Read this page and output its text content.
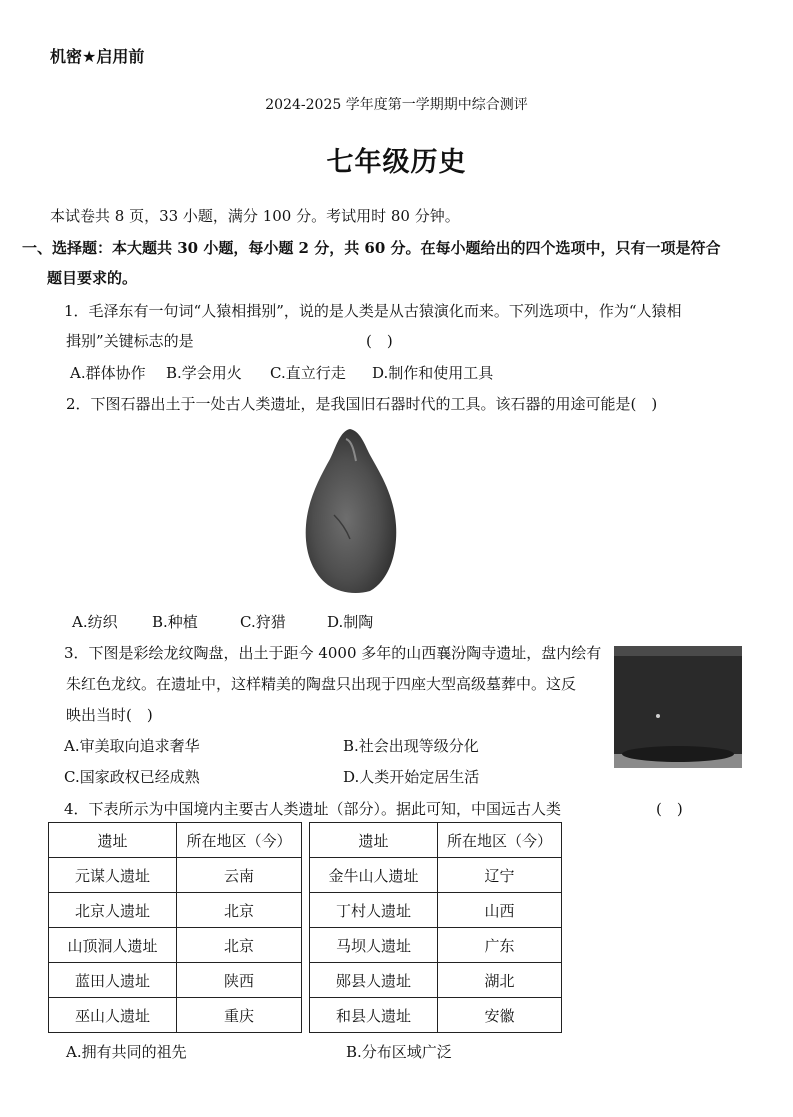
机密★启用前
2024-2025 学年度第一学期期中综合测评
七年级历史
本试卷共 8 页，33 小题，满分 100 分。考试用时 80 分钟。
一、选择题：本大题共 30 小题，每小题 2 分，共 60 分。在每小题给出的四个选项中，只有一项是符合
题目要求的。
1．毛泽东有一句词“人猿相揖别”，说的是人类是从古猿演化而来。下列选项中，作为“人猿相
揖别”关键标志的是	(　)
A.群体协作 B.学会用火 C.直立行走 D.制作和使用工具
2．下图石器出土于一处古人类遗址，是我国旧石器时代的工具。该石器的用途可能是(　)
A.纺织 B.种植	C.狩猎	D.制陶
3．下图是彩绘龙纹陶盘，出土于距今 4000 多年的山西襄汾陶寺遗址，盘内绘有
朱红色龙纹。在遗址中，这样精美的陶盘只出现于四座大型高级墓葬中。这反
映出当时(　)
A.审美取向追求奢华	B.社会出现等级分化
C.国家政权已经成熟	D.人类开始定居生活
4．下表所示为中国境内主要古人类遗址（部分）。据此可知，中国远古人类	(　)
遗址	所在地区（今）
元谋人遗址	云南
北京人遗址	北京
山顶洞人遗址	北京
蓝田人遗址	陕西
巫山人遗址	重庆
遗址	所在地区（今）
金牛山人遗址	辽宁
丁村人遗址	山西
马坝人遗址	广东
郧县人遗址	湖北
和县人遗址	安徽
A.拥有共同的祖先	B.分布区域广泛
